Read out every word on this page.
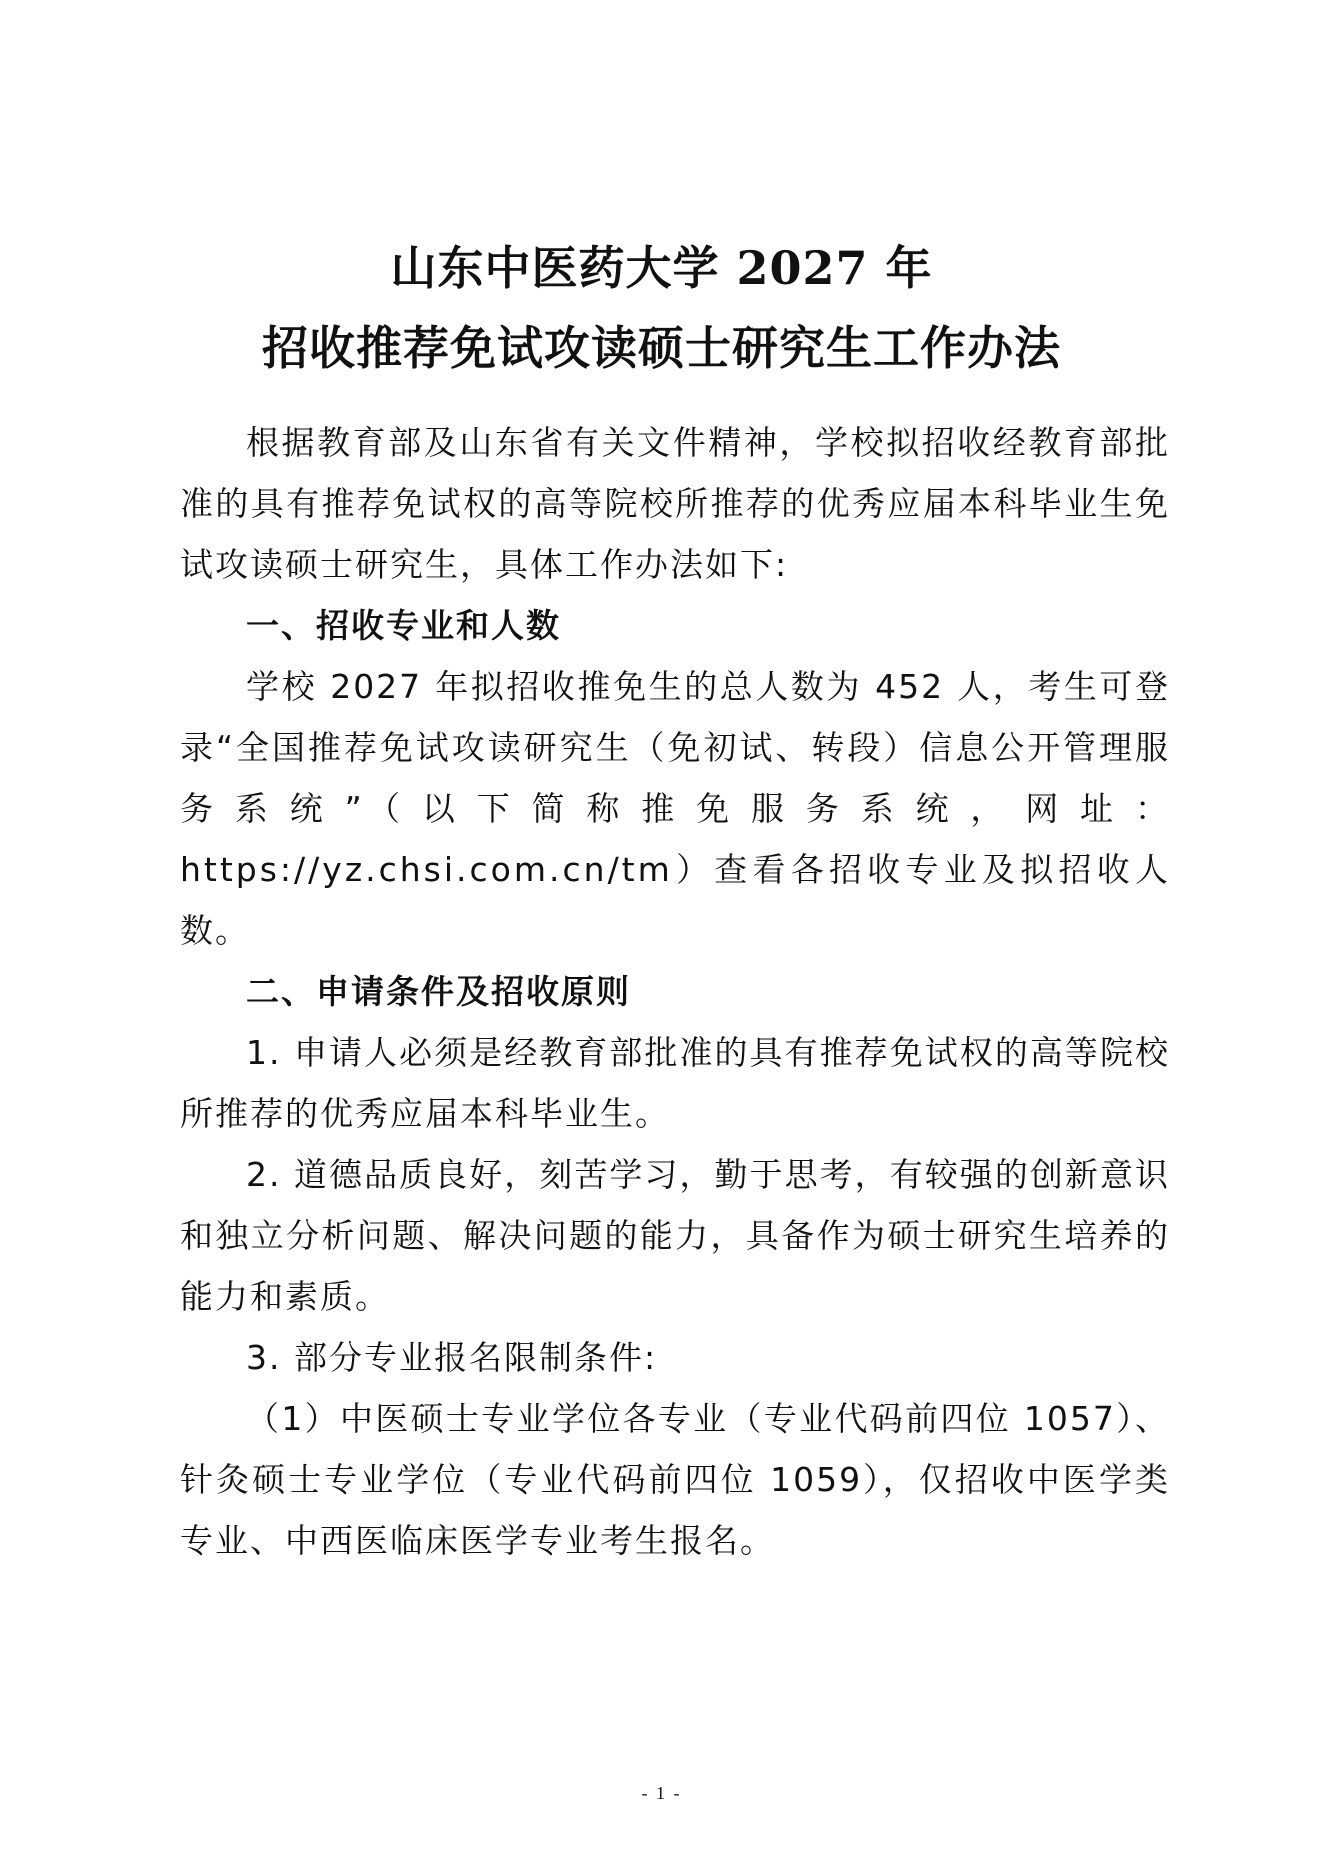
山东中医药大学 2027 年
招收推荐免试攻读硕士研究生工作办法

根据教育部及山东省有关文件精神，学校拟招收经教育部批准的具有推荐免试权的高等院校所推荐的优秀应届本科毕业生免试攻读硕士研究生，具体工作办法如下:

一、招收专业和人数

学校 2027 年拟招收推免生的总人数为 452 人，考生可登录“全国推荐免试攻读研究生（免初试、转段）信息公开管理服务系统”（以下简称推免服务系统，网址：https://yz.chsi.com.cn/tm）查看各招收专业及拟招收人数。

二、申请条件及招收原则

1. 申请人必须是经教育部批准的具有推荐免试权的高等院校所推荐的优秀应届本科毕业生。

2. 道德品质良好，刻苦学习，勤于思考，有较强的创新意识和独立分析问题、解决问题的能力，具备作为硕士研究生培养的能力和素质。

3. 部分专业报名限制条件:

（1）中医硕士专业学位各专业（专业代码前四位 1057）、针灸硕士专业学位（专业代码前四位 1059），仅招收中医学类专业、中西医临床医学专业考生报名。

- 1 -
